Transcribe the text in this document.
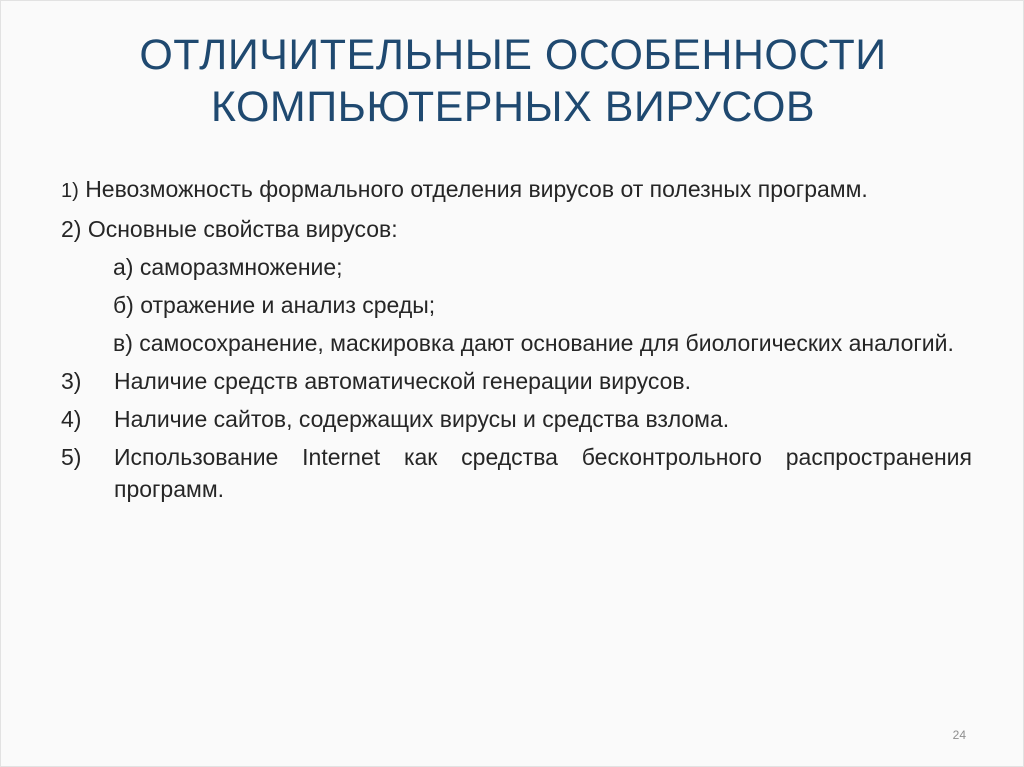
ОТЛИЧИТЕЛЬНЫЕ ОСОБЕННОСТИ
КОМПЬЮТЕРНЫХ ВИРУСОВ

1) Невозможность формального отделения вирусов от полезных программ.

2) Основные свойства вирусов:

а) саморазмножение;

б) отражение и анализ среды;

в) самосохранение, маскировка дают основание для биологических аналогий.

3) Наличие средств автоматической генерации вирусов.

4) Наличие сайтов, содержащих вирусы и средства взлома.

5) Использование Internet как средства бесконтрольного распространения программ.

24
